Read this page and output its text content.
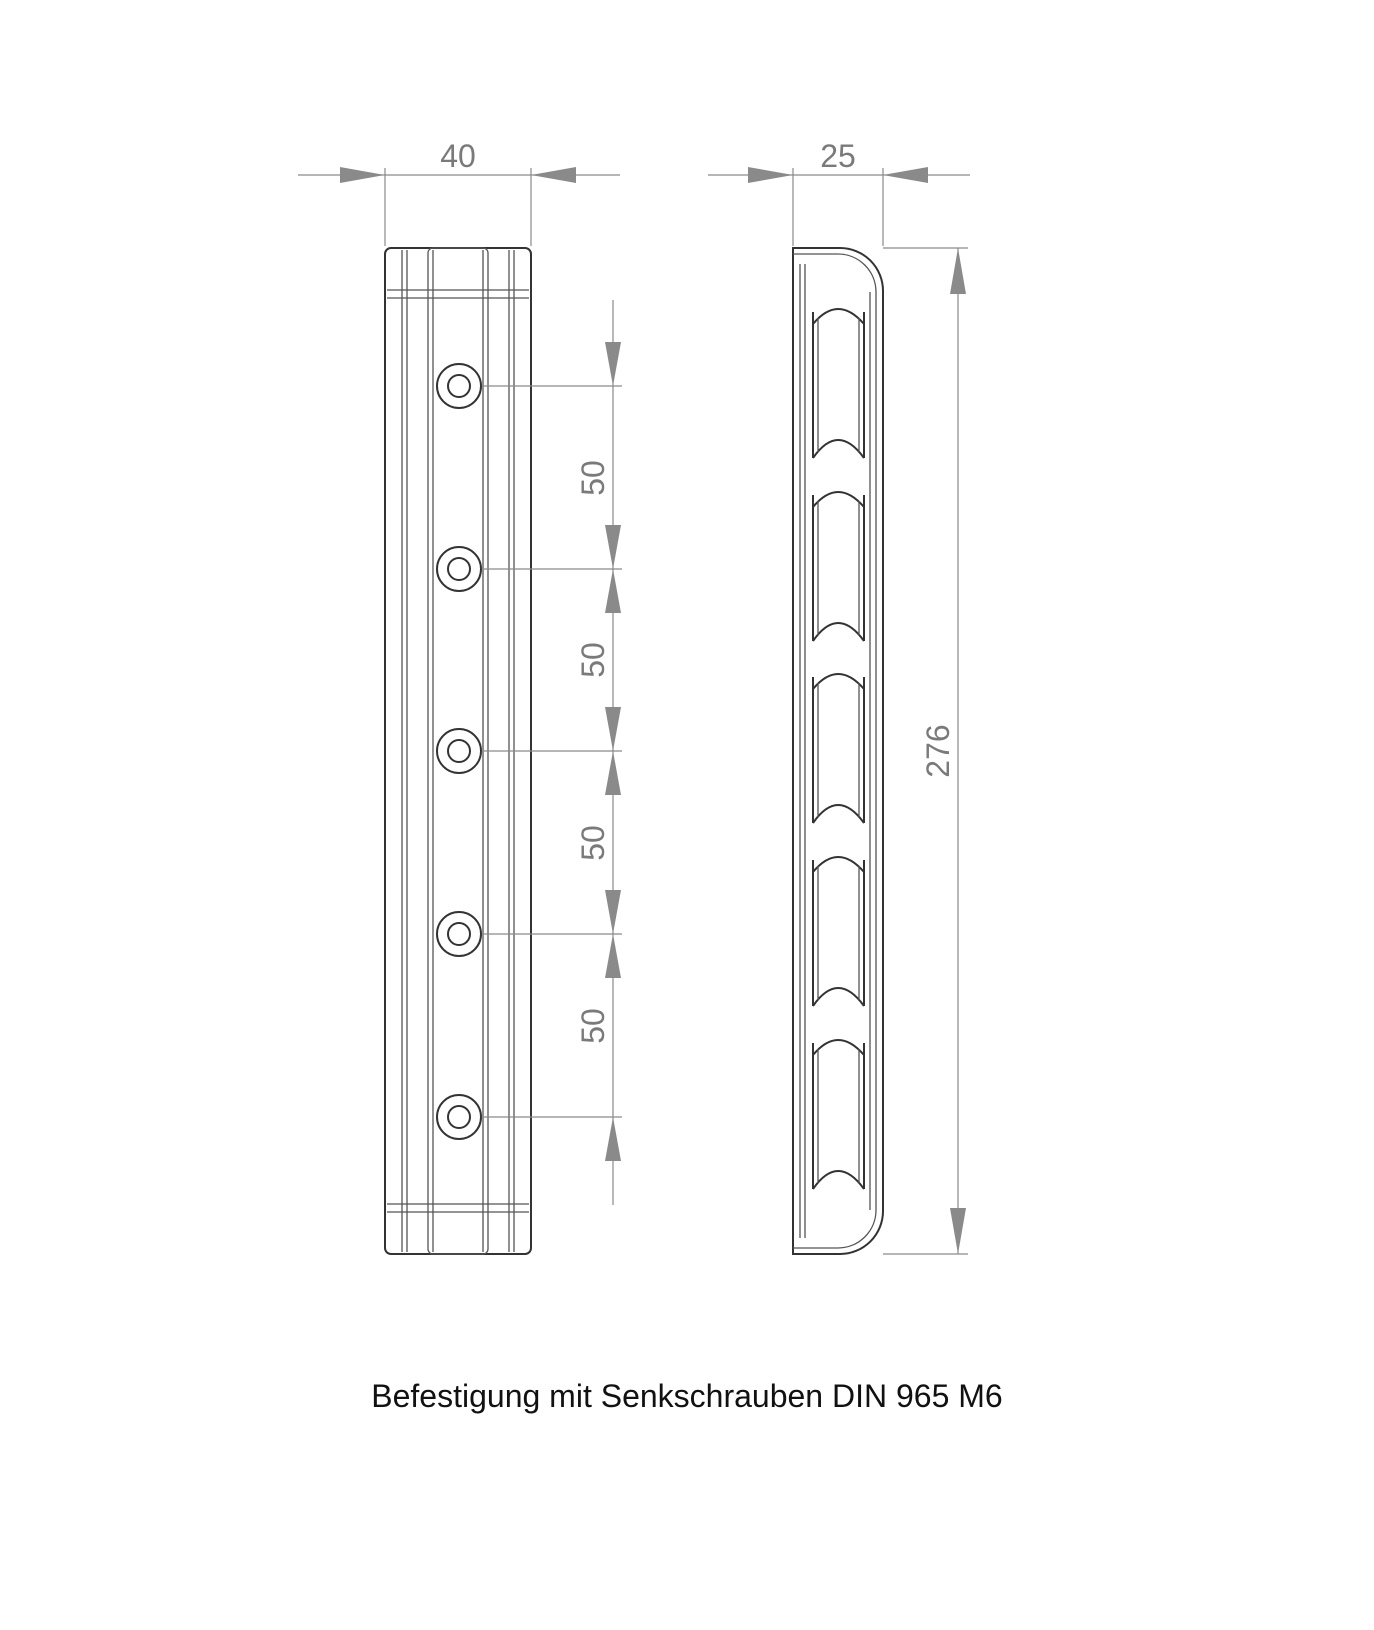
40
50
50
50
50
25
276
Befestigung mit Senkschrauben DIN 965 M6
